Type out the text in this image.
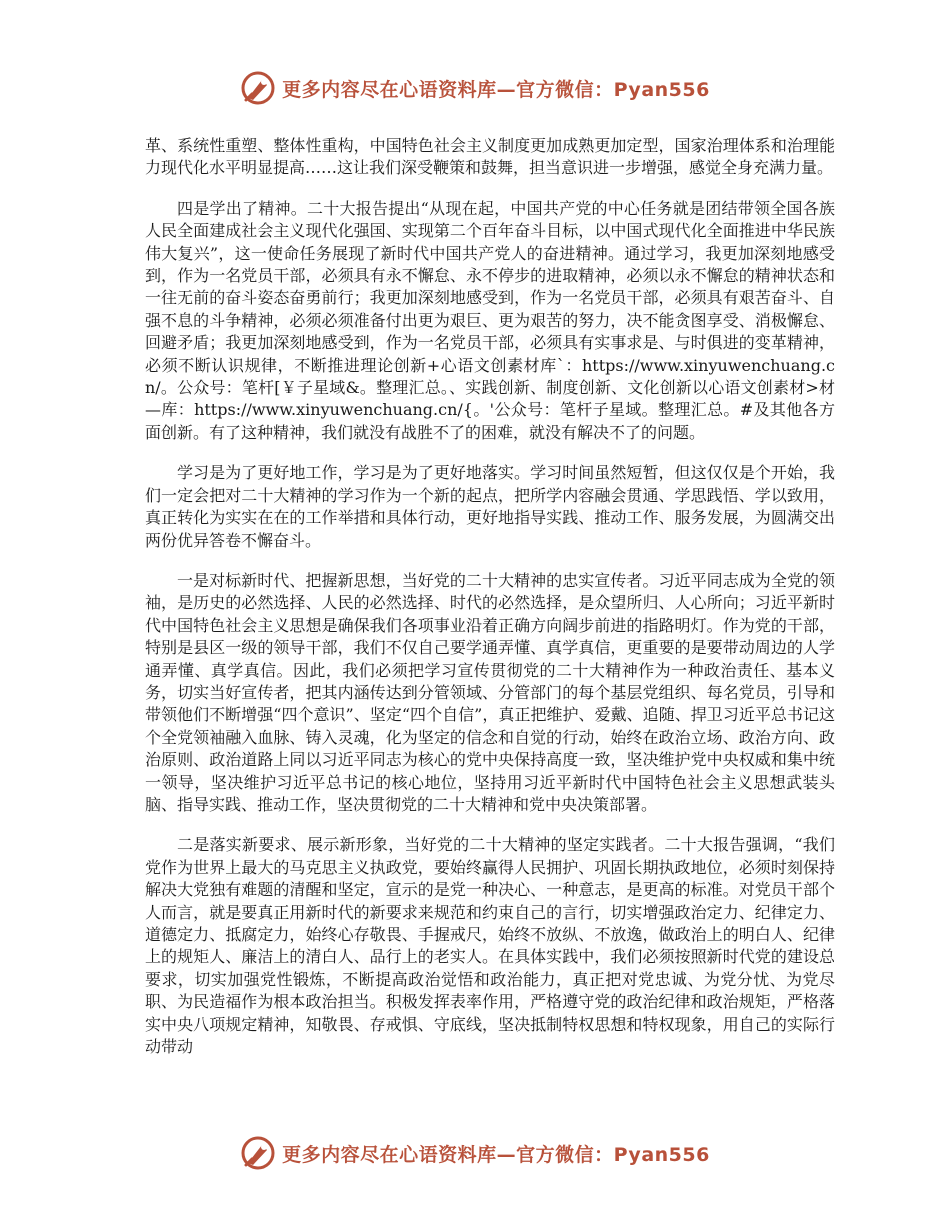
更多内容尽在心语资料库—官方微信：Pyan556

革、系统性重塑、整体性重构，中国特色社会主义制度更加成熟更加定型，国家治理体系和治理能力现代化水平明显提高……这让我们深受鞭策和鼓舞，担当意识进一步增强，感觉全身充满力量。

四是学出了精神。二十大报告提出“从现在起，中国共产党的中心任务就是团结带领全国各族人民全面建成社会主义现代化强国、实现第二个百年奋斗目标，以中国式现代化全面推进中华民族伟大复兴”，这一使命任务展现了新时代中国共产党人的奋进精神。通过学习，我更加深刻地感受到，作为一名党员干部，必须具有永不懈怠、永不停步的进取精神，必须以永不懈怠的精神状态和一往无前的奋斗姿态奋勇前行；我更加深刻地感受到，作为一名党员干部，必须具有艰苦奋斗、自强不息的斗争精神，必须必须准备付出更为艰巨、更为艰苦的努力，决不能贪图享受、消极懈怠、回避矛盾；我更加深刻地感受到，作为一名党员干部，必须具有实事求是、与时俱进的变革精神，必须不断认识规律，不断推进理论创新+心语文创素材库`：https://www.xinyuwenchuang.cn/。公众号：笔杆[￥子星域&。整理汇总。、实践创新、制度创新、文化创新以心语文创素材>材—库：https://www.xinyuwenchuang.cn/{。'公众号：笔杆子星域。整理汇总。#及其他各方面创新。有了这种精神，我们就没有战胜不了的困难，就没有解决不了的问题。

学习是为了更好地工作，学习是为了更好地落实。学习时间虽然短暂，但这仅仅是个开始，我们一定会把对二十大精神的学习作为一个新的起点，把所学内容融会贯通、学思践悟、学以致用，真正转化为实实在在的工作举措和具体行动，更好地指导实践、推动工作、服务发展，为圆满交出两份优异答卷不懈奋斗。

一是对标新时代、把握新思想，当好党的二十大精神的忠实宣传者。习近平同志成为全党的领袖，是历史的必然选择、人民的必然选择、时代的必然选择，是众望所归、人心所向；习近平新时代中国特色社会主义思想是确保我们各项事业沿着正确方向阔步前进的指路明灯。作为党的干部，特别是县区一级的领导干部，我们不仅自己要学通弄懂、真学真信，更重要的是要带动周边的人学通弄懂、真学真信。因此，我们必须把学习宣传贯彻党的二十大精神作为一种政治责任、基本义务，切实当好宣传者，把其内涵传达到分管领域、分管部门的每个基层党组织、每名党员，引导和带领他们不断增强“四个意识”、坚定“四个自信”，真正把维护、爱戴、追随、捍卫习近平总书记这个全党领袖融入血脉、铸入灵魂，化为坚定的信念和自觉的行动，始终在政治立场、政治方向、政治原则、政治道路上同以习近平同志为核心的党中央保持高度一致，坚决维护党中央权威和集中统一领导，坚决维护习近平总书记的核心地位，坚持用习近平新时代中国特色社会主义思想武装头脑、指导实践、推动工作，坚决贯彻党的二十大精神和党中央决策部署。

二是落实新要求、展示新形象，当好党的二十大精神的坚定实践者。二十大报告强调，“我们党作为世界上最大的马克思主义执政党，要始终赢得人民拥护、巩固长期执政地位，必须时刻保持解决大党独有难题的清醒和坚定，宣示的是党一种决心、一种意志，是更高的标准。对党员干部个人而言，就是要真正用新时代的新要求来规范和约束自己的言行，切实增强政治定力、纪律定力、道德定力、抵腐定力，始终心存敬畏、手握戒尺，始终不放纵、不放逸，做政治上的明白人、纪律上的规矩人、廉洁上的清白人、品行上的老实人。在具体实践中，我们必须按照新时代党的建设总要求，切实加强党性锻炼，不断提高政治觉悟和政治能力，真正把对党忠诚、为党分忧、为党尽职、为民造福作为根本政治担当。积极发挥表率作用，严格遵守党的政治纪律和政治规矩，严格落实中央八项规定精神，知敬畏、存戒惧、守底线，坚决抵制特权思想和特权现象，用自己的实际行动带动

更多内容尽在心语资料库—官方微信：Pyan556
